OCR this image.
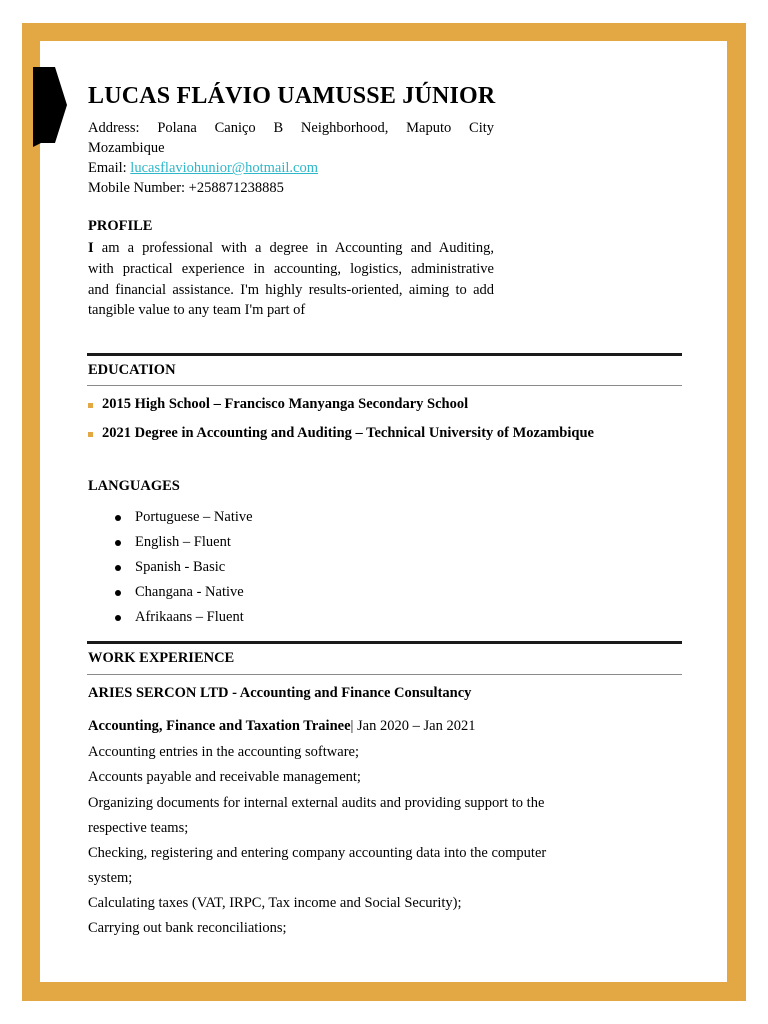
LUCAS FLÁVIO UAMUSSE JÚNIOR
Address: Polana Caniço B Neighborhood, Maputo City
Mozambique
Email: lucasflaviohunior@hotmail.com
Mobile Number: +258871238885
PROFILE
I am a professional with a degree in Accounting and Auditing,
with practical experience in accounting, logistics, administrative
and financial assistance. I'm highly results-oriented, aiming to add
tangible value to any team I'm part of
EDUCATION
2015 High School – Francisco Manyanga Secondary School
2021 Degree in Accounting and Auditing – Technical University of Mozambique
LANGUAGES
Portuguese – Native
English – Fluent
Spanish - Basic
Changana - Native
Afrikaans – Fluent
WORK EXPERIENCE
ARIES SERCON LTD - Accounting and Finance Consultancy
Accounting, Finance and Taxation Trainee| Jan 2020 – Jan 2021
Accounting entries in the accounting software;
Accounts payable and receivable management;
Organizing documents for internal external audits and providing support to the
respective teams;
Checking, registering and entering company accounting data into the computer
system;
Calculating taxes (VAT, IRPC, Tax income and Social Security);
Carrying out bank reconciliations;
